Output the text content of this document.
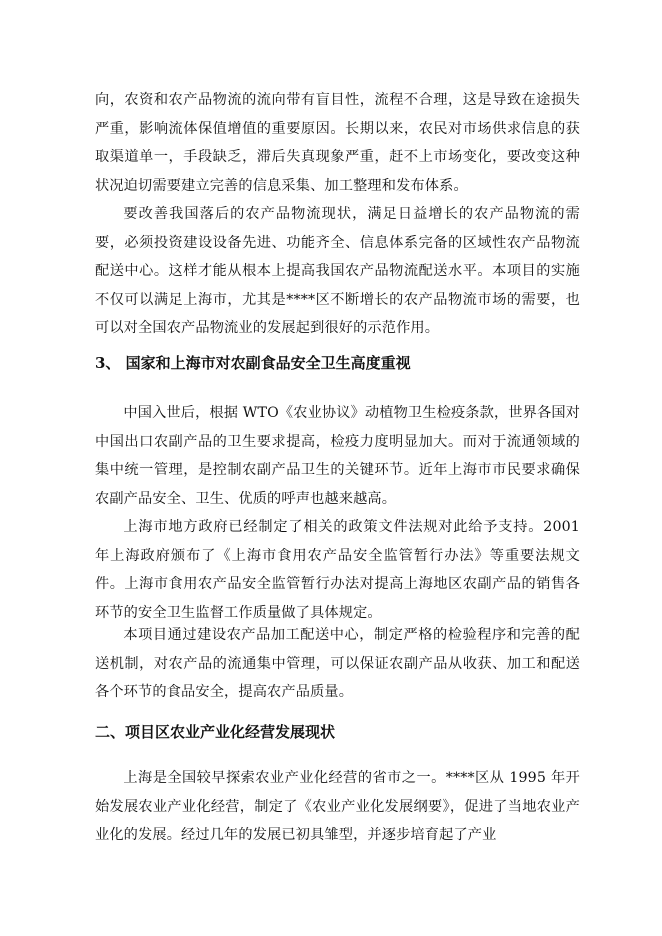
向，农资和农产品物流的流向带有盲目性，流程不合理，这是导致在途损失严重，影响流体保值增值的重要原因。长期以来，农民对市场供求信息的获取渠道单一，手段缺乏，滞后失真现象严重，赶不上市场变化，要改变这种状况迫切需要建立完善的信息采集、加工整理和发布体系。

要改善我国落后的农产品物流现状，满足日益增长的农产品物流的需要，必须投资建设设备先进、功能齐全、信息体系完备的区域性农产品物流配送中心。这样才能从根本上提高我国农产品物流配送水平。本项目的实施不仅可以满足上海市，尤其是****区不断增长的农产品物流市场的需要，也可以对全国农产品物流业的发展起到很好的示范作用。

3、 国家和上海市对农副食品安全卫生高度重视

中国入世后，根据 WTO《农业协议》动植物卫生检疫条款，世界各国对中国出口农副产品的卫生要求提高，检疫力度明显加大。而对于流通领域的集中统一管理，是控制农副产品卫生的关键环节。近年上海市市民要求确保农副产品安全、卫生、优质的呼声也越来越高。

上海市地方政府已经制定了相关的政策文件法规对此给予支持。2001 年上海政府颁布了《上海市食用农产品安全监管暂行办法》等重要法规文件。上海市食用农产品安全监管暂行办法对提高上海地区农副产品的销售各环节的安全卫生监督工作质量做了具体规定。

本项目通过建设农产品加工配送中心，制定严格的检验程序和完善的配送机制，对农产品的流通集中管理，可以保证农副产品从收获、加工和配送各个环节的食品安全，提高农产品质量。

二、项目区农业产业化经营发展现状

上海是全国较早探索农业产业化经营的省市之一。****区从 1995 年开始发展农业产业化经营，制定了《农业产业化发展纲要》，促进了当地农业产业化的发展。经过几年的发展已初具雏型，并逐步培育起了产业
